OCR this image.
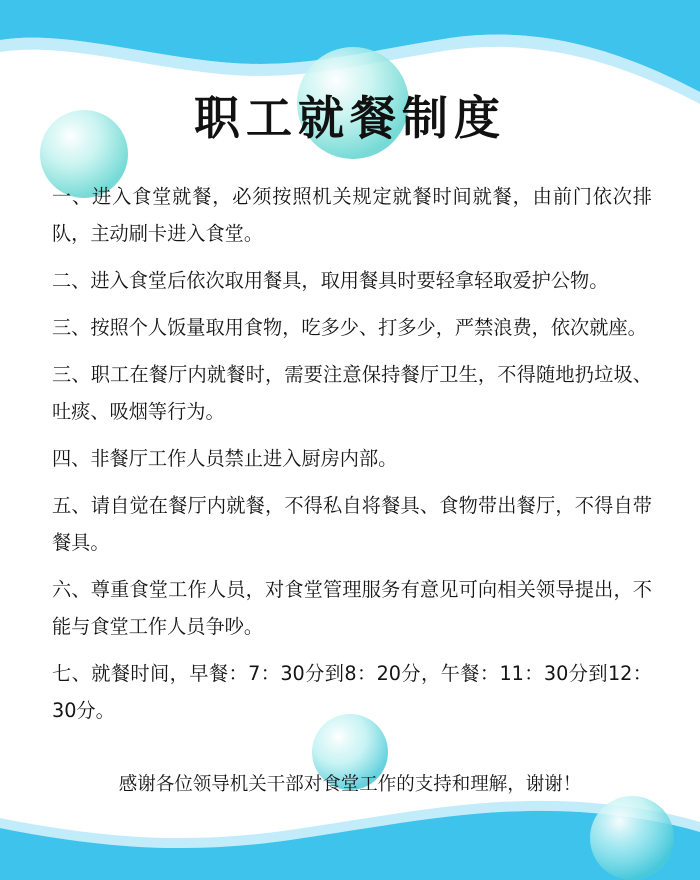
职工就餐制度

一、进入食堂就餐，必须按照机关规定就餐时间就餐，由前门依次排队，主动刷卡进入食堂。

二、进入食堂后依次取用餐具，取用餐具时要轻拿轻取爱护公物。

三、按照个人饭量取用食物，吃多少、打多少，严禁浪费，依次就座。

三、职工在餐厅内就餐时，需要注意保持餐厅卫生，不得随地扔垃圾、吐痰、吸烟等行为。

四、非餐厅工作人员禁止进入厨房内部。

五、请自觉在餐厅内就餐，不得私自将餐具、食物带出餐厅，不得自带餐具。

六、尊重食堂工作人员，对食堂管理服务有意见可向相关领导提出，不能与食堂工作人员争吵。

七、就餐时间，早餐：7：30分到8：20分，午餐：11：30分到12：30分。

感谢各位领导机关干部对食堂工作的支持和理解，谢谢！
